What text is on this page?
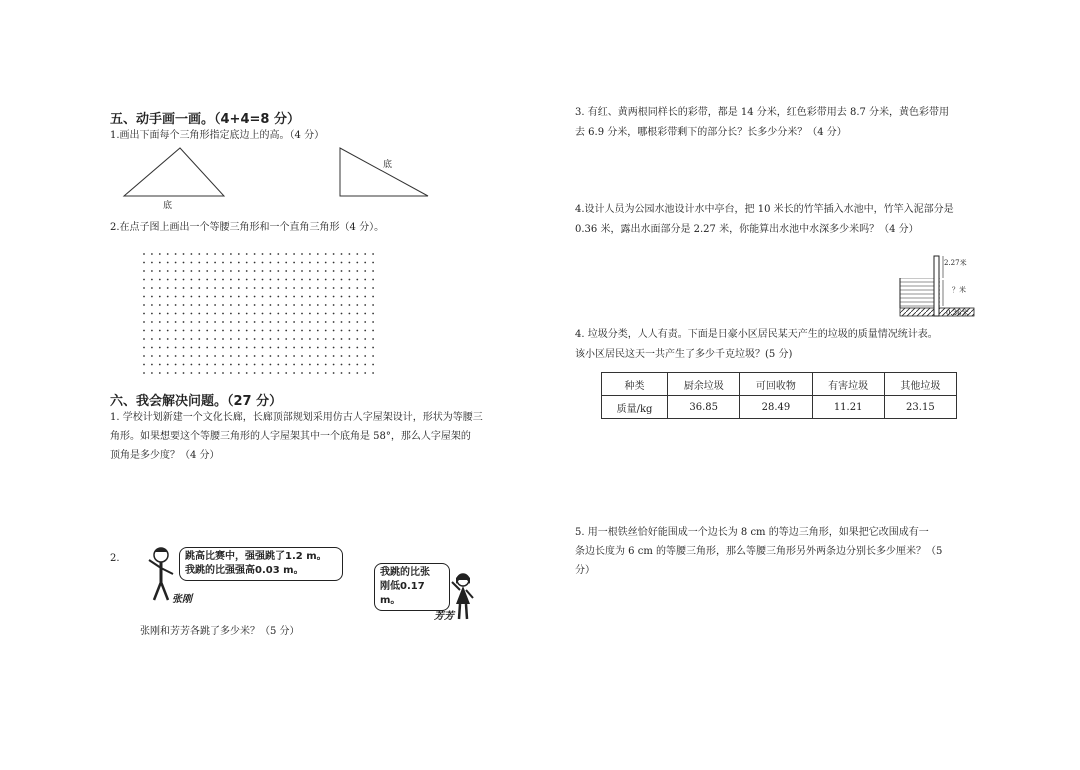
五、动手画一画。（4+4=8 分）
1.画出下面每个三角形指定底边上的高。（4 分）
底
底
2.在点子图上画出一个等腰三角形和一个直角三角形（4 分）。
六、我会解决问题。（27 分）
1. 学校计划新建一个文化长廊，长廊顶部规划采用仿古人字屋架设计，形状为等腰三
角形。如果想要这个等腰三角形的人字屋架其中一个底角是 58°，那么人字屋架的
顶角是多少度？（4 分）
2.	跳高比赛中，强强跳了1.2 m。
我跳的比强强高0.03 m。
张刚
我跳的比张
刚低0.17 m。
芳芳
张刚和芳芳各跳了多少米？（5 分）
3. 有红、黄两根同样长的彩带，都是 14 分米，红色彩带用去 8.7 分米，黄色彩带用
去 6.9 分米，哪根彩带剩下的部分长？长多少分米？（4 分）
4.设计人员为公园水池设计水中亭台，把 10 米长的竹竿插入水池中，竹竿入泥部分是
0.36 米，露出水面部分是 2.27 米，你能算出水池中水深多少米吗？（4 分）
2.27米
？米
0.36米
4. 垃圾分类，人人有责。下面是日豪小区居民某天产生的垃圾的质量情况统计表。
该小区居民这天一共产生了多少千克垃圾？(5 分)
种类	厨余垃圾	可回收物	有害垃圾	其他垃圾
质量/kg	36.85	28.49	11.21	23.15
5. 用一根铁丝恰好能围成一个边长为 8 cm 的等边三角形，如果把它改围成有一
条边长度为 6 cm 的等腰三角形，那么等腰三角形另外两条边分别长多少厘米？（5
分）
